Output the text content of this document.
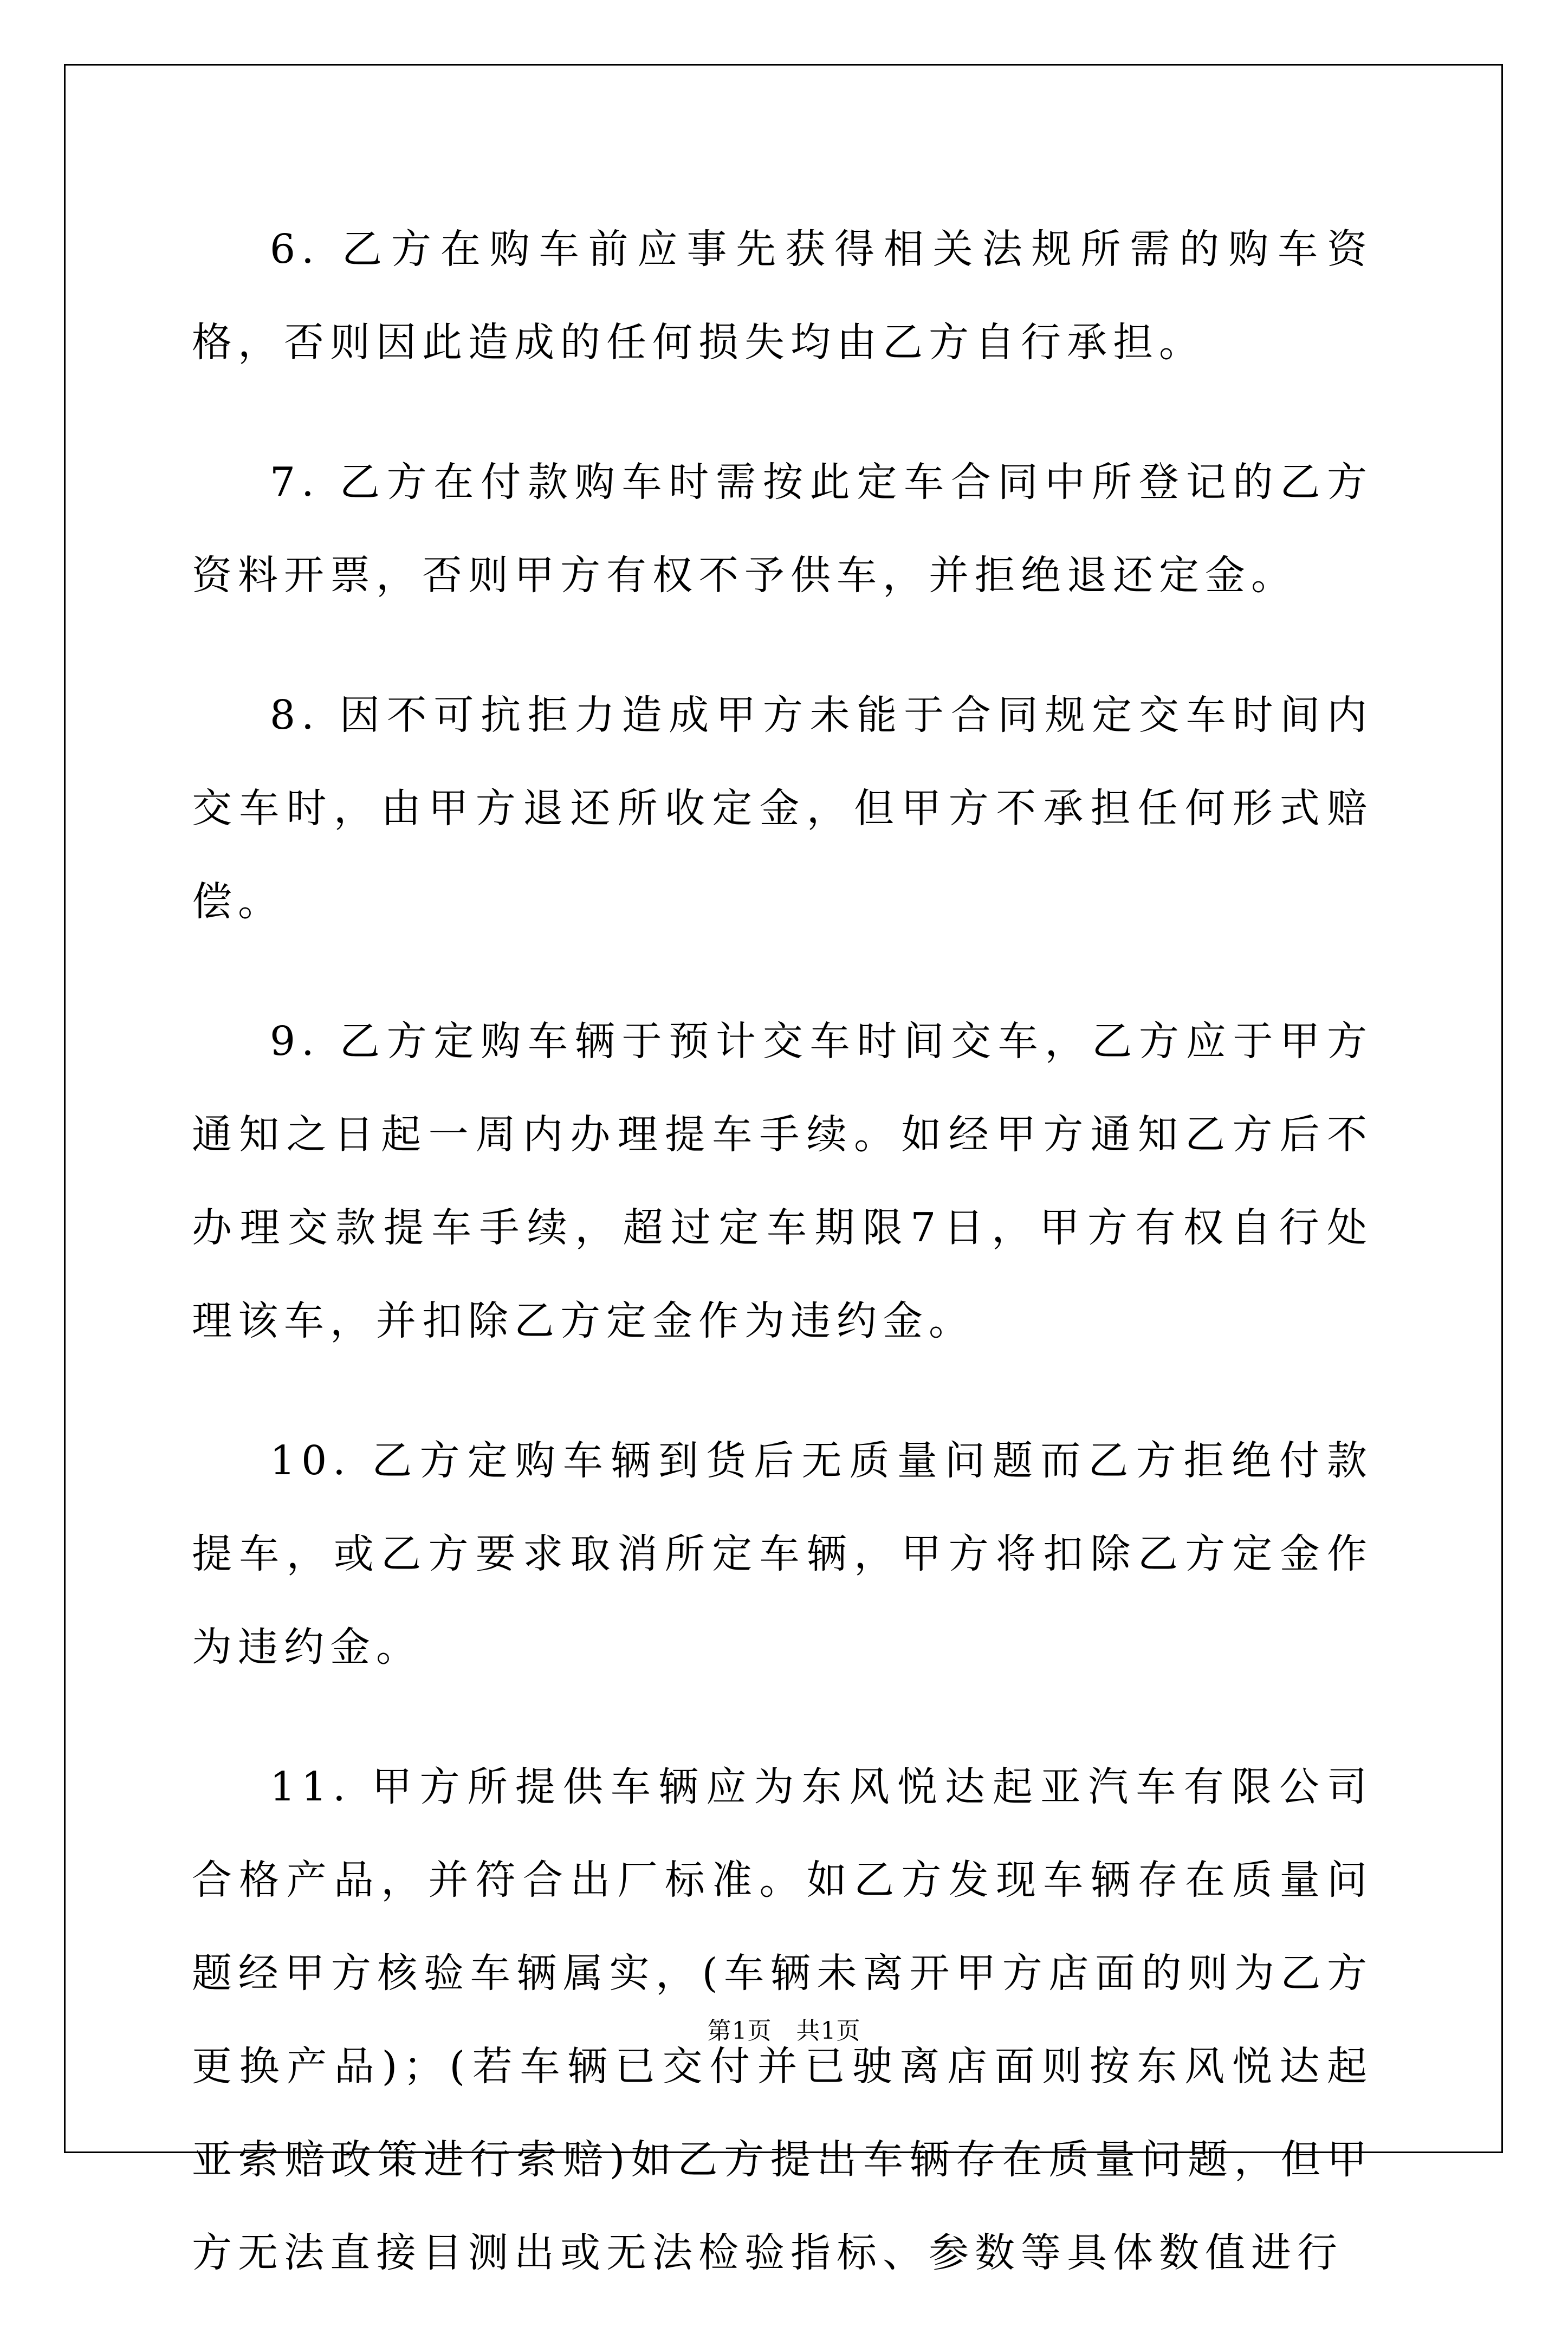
6. 乙方在购车前应事先获得相关法规所需的购车资格，否则因此造成的任何损失均由乙方自行承担。

7. 乙方在付款购车时需按此定车合同中所登记的乙方资料开票，否则甲方有权不予供车，并拒绝退还定金。

8. 因不可抗拒力造成甲方未能于合同规定交车时间内交车时，由甲方退还所收定金，但甲方不承担任何形式赔偿。

9. 乙方定购车辆于预计交车时间交车，乙方应于甲方通知之日起一周内办理提车手续。如经甲方通知乙方后不办理交款提车手续，超过定车期限7日，甲方有权自行处理该车，并扣除乙方定金作为违约金。

10. 乙方定购车辆到货后无质量问题而乙方拒绝付款提车，或乙方要求取消所定车辆，甲方将扣除乙方定金作为违约金。

11. 甲方所提供车辆应为东风悦达起亚汽车有限公司合格产品，并符合出厂标准。如乙方发现车辆存在质量问题经甲方核验车辆属实，(车辆未离开甲方店面的则为乙方更换产品)；(若车辆已交付并已驶离店面则按东风悦达起亚索赔政策进行索赔)如乙方提出车辆存在质量问题，但甲方无法直接目测出或无法检验指标、参数等具体数值进行

第1页   共1页
